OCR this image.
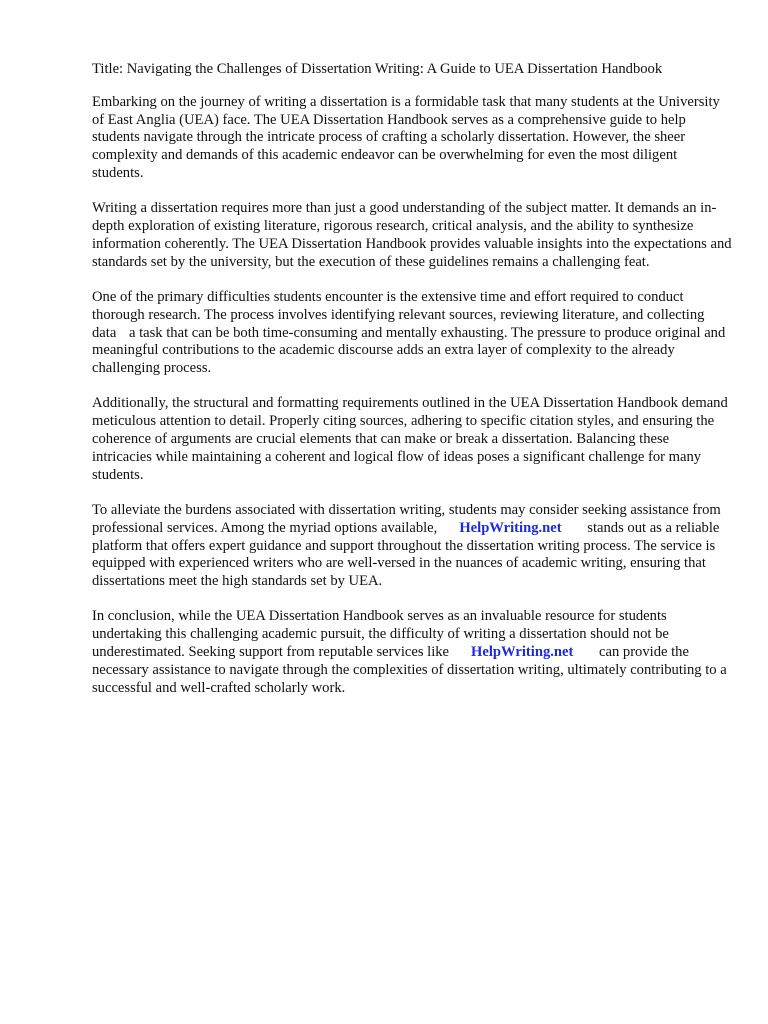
Title: Navigating the Challenges of Dissertation Writing: A Guide to UEA Dissertation Handbook

Embarking on the journey of writing a dissertation is a formidable task that many students at the University of East Anglia (UEA) face. The UEA Dissertation Handbook serves as a comprehensive guide to help students navigate through the intricate process of crafting a scholarly dissertation. However, the sheer complexity and demands of this academic endeavor can be overwhelming for even the most diligent students.

Writing a dissertation requires more than just a good understanding of the subject matter. It demands an in-depth exploration of existing literature, rigorous research, critical analysis, and the ability to synthesize information coherently. The UEA Dissertation Handbook provides valuable insights into the expectations and standards set by the university, but the execution of these guidelines remains a challenging feat.

One of the primary difficulties students encounter is the extensive time and effort required to conduct thorough research. The process involves identifying relevant sources, reviewing literature, and collecting data a task that can be both time-consuming and mentally exhausting. The pressure to produce original and meaningful contributions to the academic discourse adds an extra layer of complexity to the already challenging process.

Additionally, the structural and formatting requirements outlined in the UEA Dissertation Handbook demand meticulous attention to detail. Properly citing sources, adhering to specific citation styles, and ensuring the coherence of arguments are crucial elements that can make or break a dissertation. Balancing these intricacies while maintaining a coherent and logical flow of ideas poses a significant challenge for many students.

To alleviate the burdens associated with dissertation writing, students may consider seeking assistance from professional services. Among the myriad options available, HelpWriting.net stands out as a reliable platform that offers expert guidance and support throughout the dissertation writing process. The service is equipped with experienced writers who are well-versed in the nuances of academic writing, ensuring that dissertations meet the high standards set by UEA.

In conclusion, while the UEA Dissertation Handbook serves as an invaluable resource for students undertaking this challenging academic pursuit, the difficulty of writing a dissertation should not be underestimated. Seeking support from reputable services like HelpWriting.net can provide the necessary assistance to navigate through the complexities of dissertation writing, ultimately contributing to a successful and well-crafted scholarly work.
